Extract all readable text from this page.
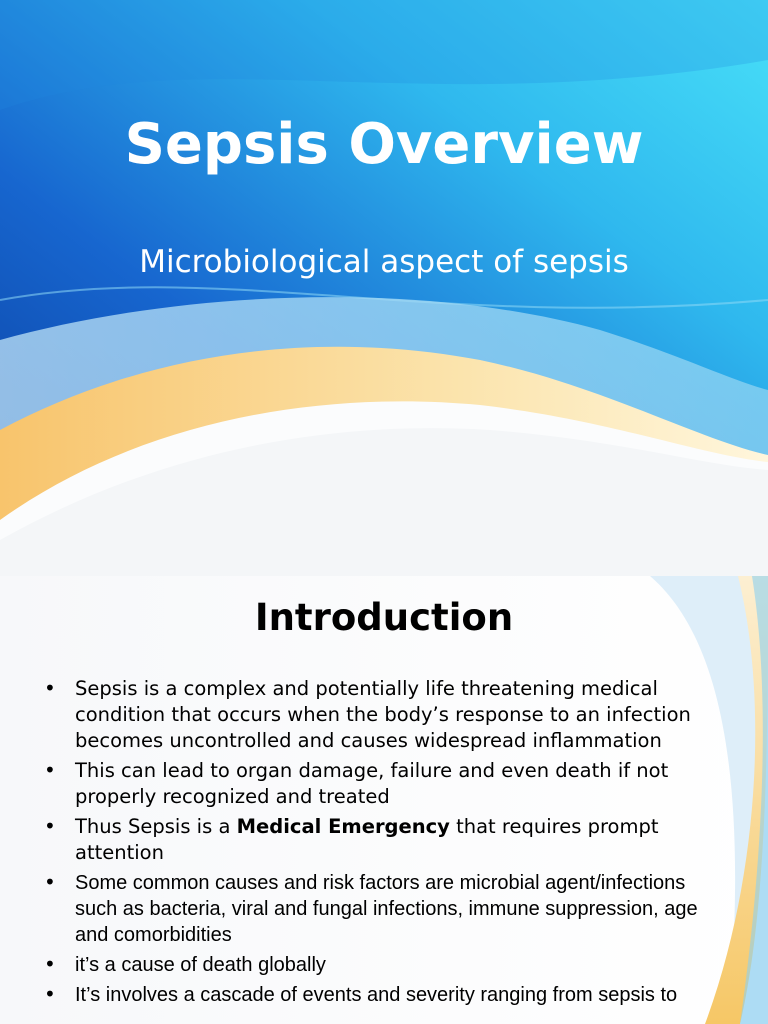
Sepsis Overview

Microbiological aspect of sepsis

Introduction
• Sepsis is a complex and potentially life threatening medical condition that occurs when the body’s response to an infection becomes uncontrolled and causes widespread inflammation
• This can lead to organ damage, failure and even death if not properly recognized and treated
• Thus Sepsis is a Medical Emergency that requires prompt attention
• Some common causes and risk factors are microbial agent/infections such as bacteria, viral and fungal infections, immune suppression, age and comorbidities
• it’s a cause of death globally
• It’s involves a cascade of events and severity ranging from sepsis to
